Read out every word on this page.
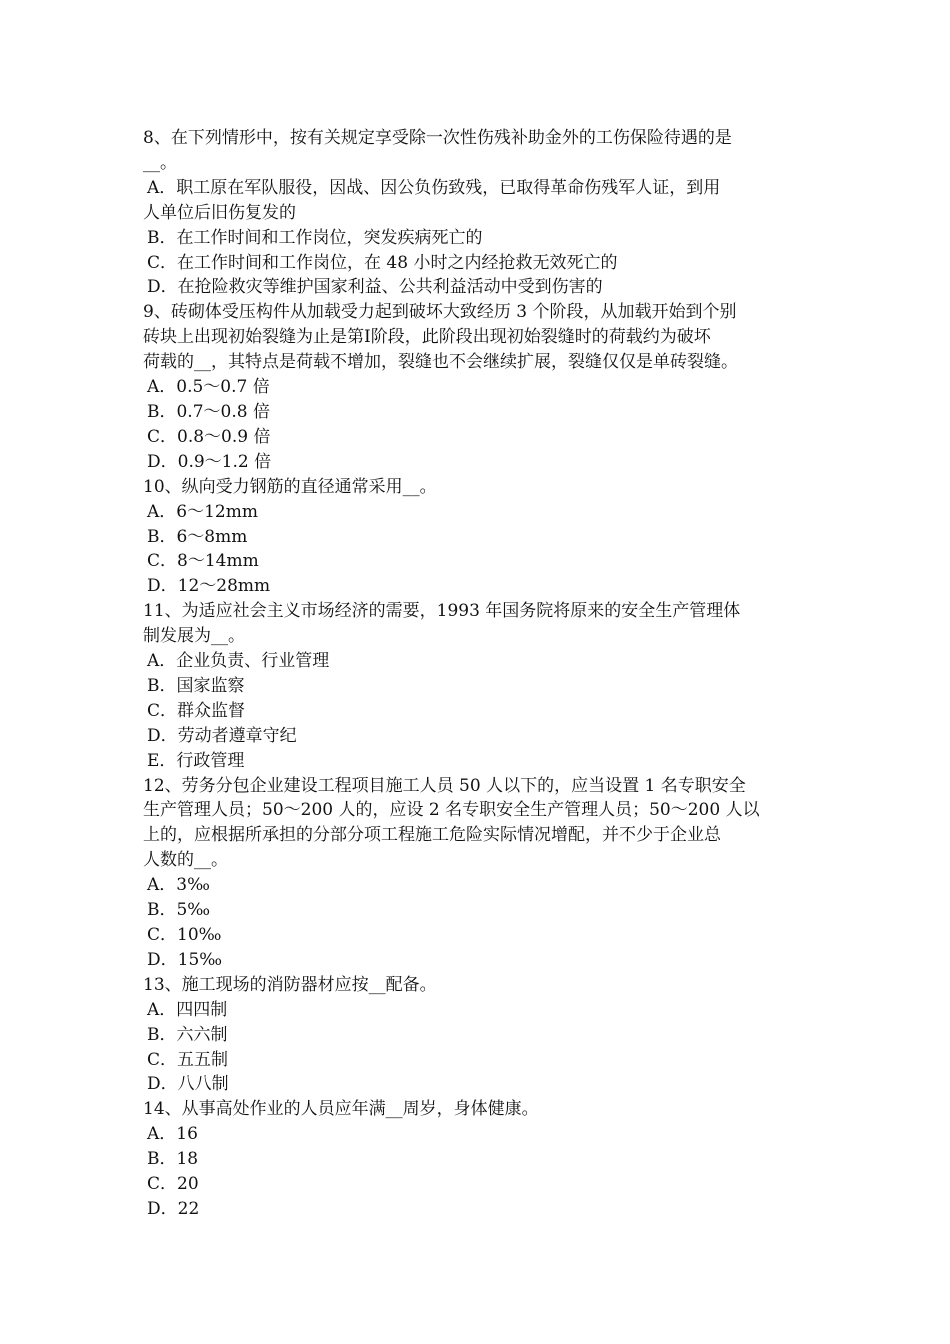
8、在下列情形中，按有关规定享受除一次性伤残补助金外的工伤保险待遇的是
__。
A．职工原在军队服役，因战、因公负伤致残，已取得革命伤残军人证，到用
人单位后旧伤复发的
B．在工作时间和工作岗位，突发疾病死亡的
C．在工作时间和工作岗位，在 48 小时之内经抢救无效死亡的
D．在抢险救灾等维护国家利益、公共利益活动中受到伤害的
9、砖砌体受压构件从加载受力起到破坏大致经历 3 个阶段，从加载开始到个别
砖块上出现初始裂缝为止是第Ⅰ阶段，此阶段出现初始裂缝时的荷载约为破坏
荷载的__，其特点是荷载不增加，裂缝也不会继续扩展，裂缝仅仅是单砖裂缝。
A．0.5～0.7 倍
B．0.7～0.8 倍
C．0.8～0.9 倍
D．0.9～1.2 倍
10、纵向受力钢筋的直径通常采用__。
A．6～12mm
B．6～8mm
C．8～14mm
D．12～28mm
11、为适应社会主义市场经济的需要，1993 年国务院将原来的安全生产管理体
制发展为__。
A．企业负责、行业管理
B．国家监察
C．群众监督
D．劳动者遵章守纪
E．行政管理
12、劳务分包企业建设工程项目施工人员 50 人以下的，应当设置 1 名专职安全
生产管理人员；50～200 人的，应设 2 名专职安全生产管理人员；50～200 人以
上的，应根据所承担的分部分项工程施工危险实际情况增配，并不少于企业总
人数的__。
A．3‰
B．5‰
C．10‰
D．15‰
13、施工现场的消防器材应按__配备。
A．四四制
B．六六制
C．五五制
D．八八制
14、从事高处作业的人员应年满__周岁，身体健康。
A．16
B．18
C．20
D．22
